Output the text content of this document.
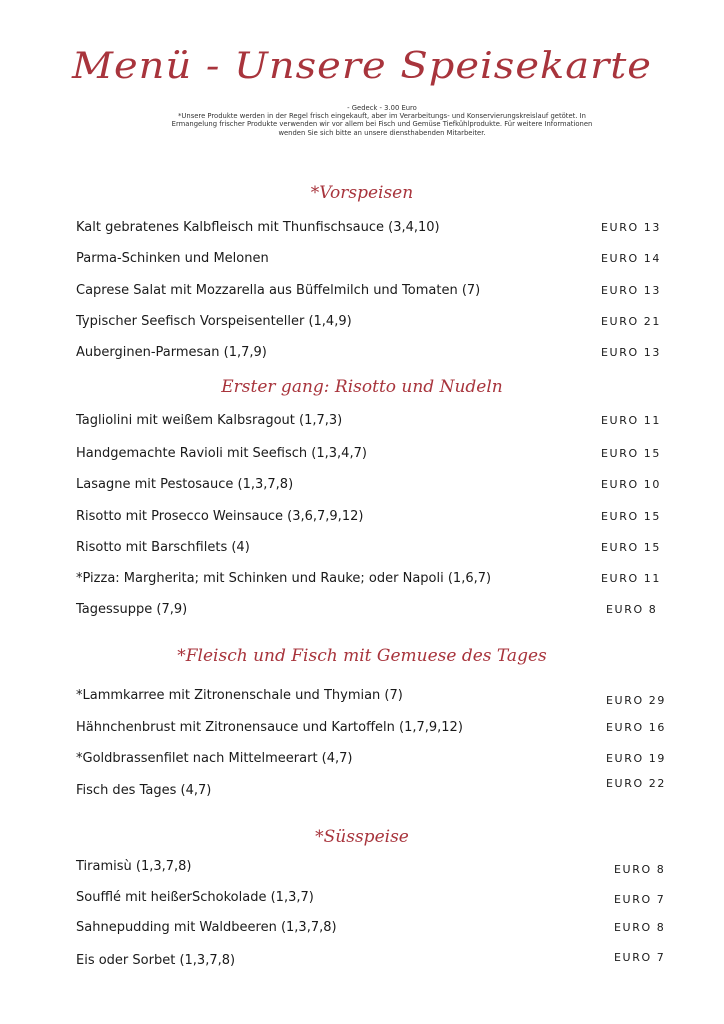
Menü - Unsere Speisekarte
- Gedeck - 3.00 Euro
*Unsere Produkte werden in der Regel frisch eingekauft, aber im Verarbeitungs- und Konservierungskreislauf getötet. In Ermangelung frischer Produkte verwenden wir vor allem bei Fisch und Gemüse Tiefkühlprodukte. Für weitere Informationen wenden Sie sich bitte an unsere diensthabenden Mitarbeiter.
*Vorspeisen
Kalt gebratenes Kalbfleisch mit Thunfischsauce (3,4,10)	EURO 13
Parma-Schinken und Melonen	EURO 14
Caprese Salat mit Mozzarella aus Büffelmilch und Tomaten (7)	EURO 13
Typischer Seefisch Vorspeisenteller (1,4,9)	EURO 21
Auberginen-Parmesan (1,7,9)	EURO 13
Erster gang: Risotto und Nudeln
Tagliolini mit weißem Kalbsragout (1,7,3)	EURO 11
Handgemachte Ravioli mit Seefisch (1,3,4,7)	EURO 15
Lasagne mit Pestosauce (1,3,7,8)	EURO 10
Risotto mit Prosecco Weinsauce (3,6,7,9,12)	EURO 15
Risotto mit Barschfilets (4)	EURO 15
*Pizza: Margherita; mit Schinken und Rauke; oder Napoli (1,6,7)	EURO 11
Tagessuppe (7,9)	EURO 8
*Fleisch und Fisch mit Gemuese des Tages
*Lammkarree mit Zitronenschale und Thymian (7)	EURO 29
Hähnchenbrust mit Zitronensauce und Kartoffeln (1,7,9,12)	EURO 16
*Goldbrassenfilet nach Mittelmeerart (4,7)	EURO 19
Fisch des Tages (4,7)	EURO 22
*Süsspeise
Tiramisù (1,3,7,8)	EURO 8
Soufflé mit heißerSchokolade (1,3,7)	EURO 7
Sahnepudding mit Waldbeeren (1,3,7,8)	EURO 8
Eis oder Sorbet (1,3,7,8)	EURO 7
